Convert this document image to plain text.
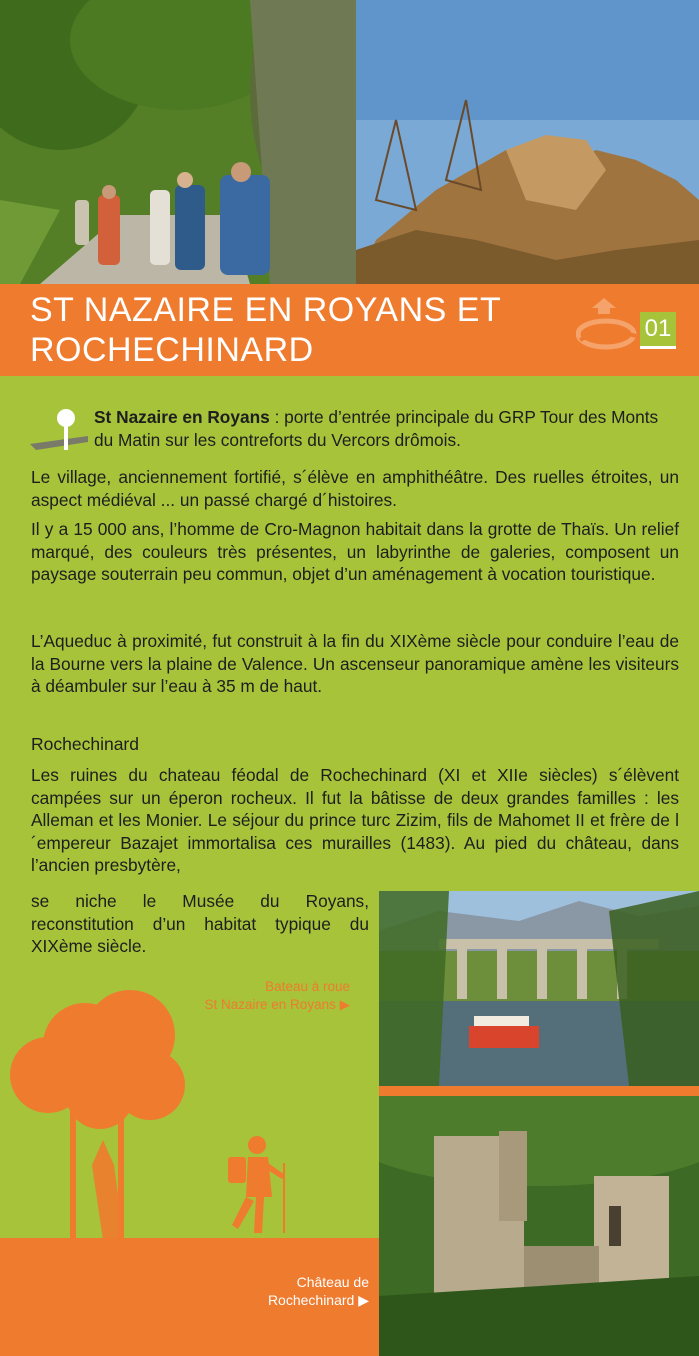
ST NAZAIRE EN ROYANS ET ROCHECHINARD
01

St Nazaire en Royans : porte d’entrée principale du GRP Tour des Monts du Matin sur les contreforts du Vercors drômois.

Le village, anciennement fortifié, s´élève en amphithéâtre. Des ruelles étroites, un aspect médiéval ... un passé chargé d´histoires.

Il y a 15 000 ans, l’homme de Cro-Magnon habitait dans la grotte de Thaïs. Un relief marqué, des couleurs très présentes, un labyrinthe de galeries, composent un paysage souterrain peu commun, objet d’un aménagement à vocation touristique.

L’Aqueduc à proximité, fut construit à la fin du XIXème siècle pour conduire l’eau de la Bourne vers la plaine de Valence. Un ascenseur panoramique amène les visiteurs à déambuler sur l’eau à 35 m de haut.

Rochechinard

Les ruines du chateau féodal de Rochechinard (XI et XIIe siècles) s´élèvent campées sur un éperon rocheux. Il fut la bâtisse de deux grandes familles : les Alleman et les Monier. Le séjour du prince turc Zizim, fils de Mahomet II et frère de l´empereur Bazajet immortalisa ces murailles (1483). Au pied du château, dans l’ancien presbytère,

se niche le Musée du Royans, reconstitution d’un habitat typique du XIXème siècle.

Bateau à roue
St Nazaire en Royans ▶

Château de
Rochechinard ▶
